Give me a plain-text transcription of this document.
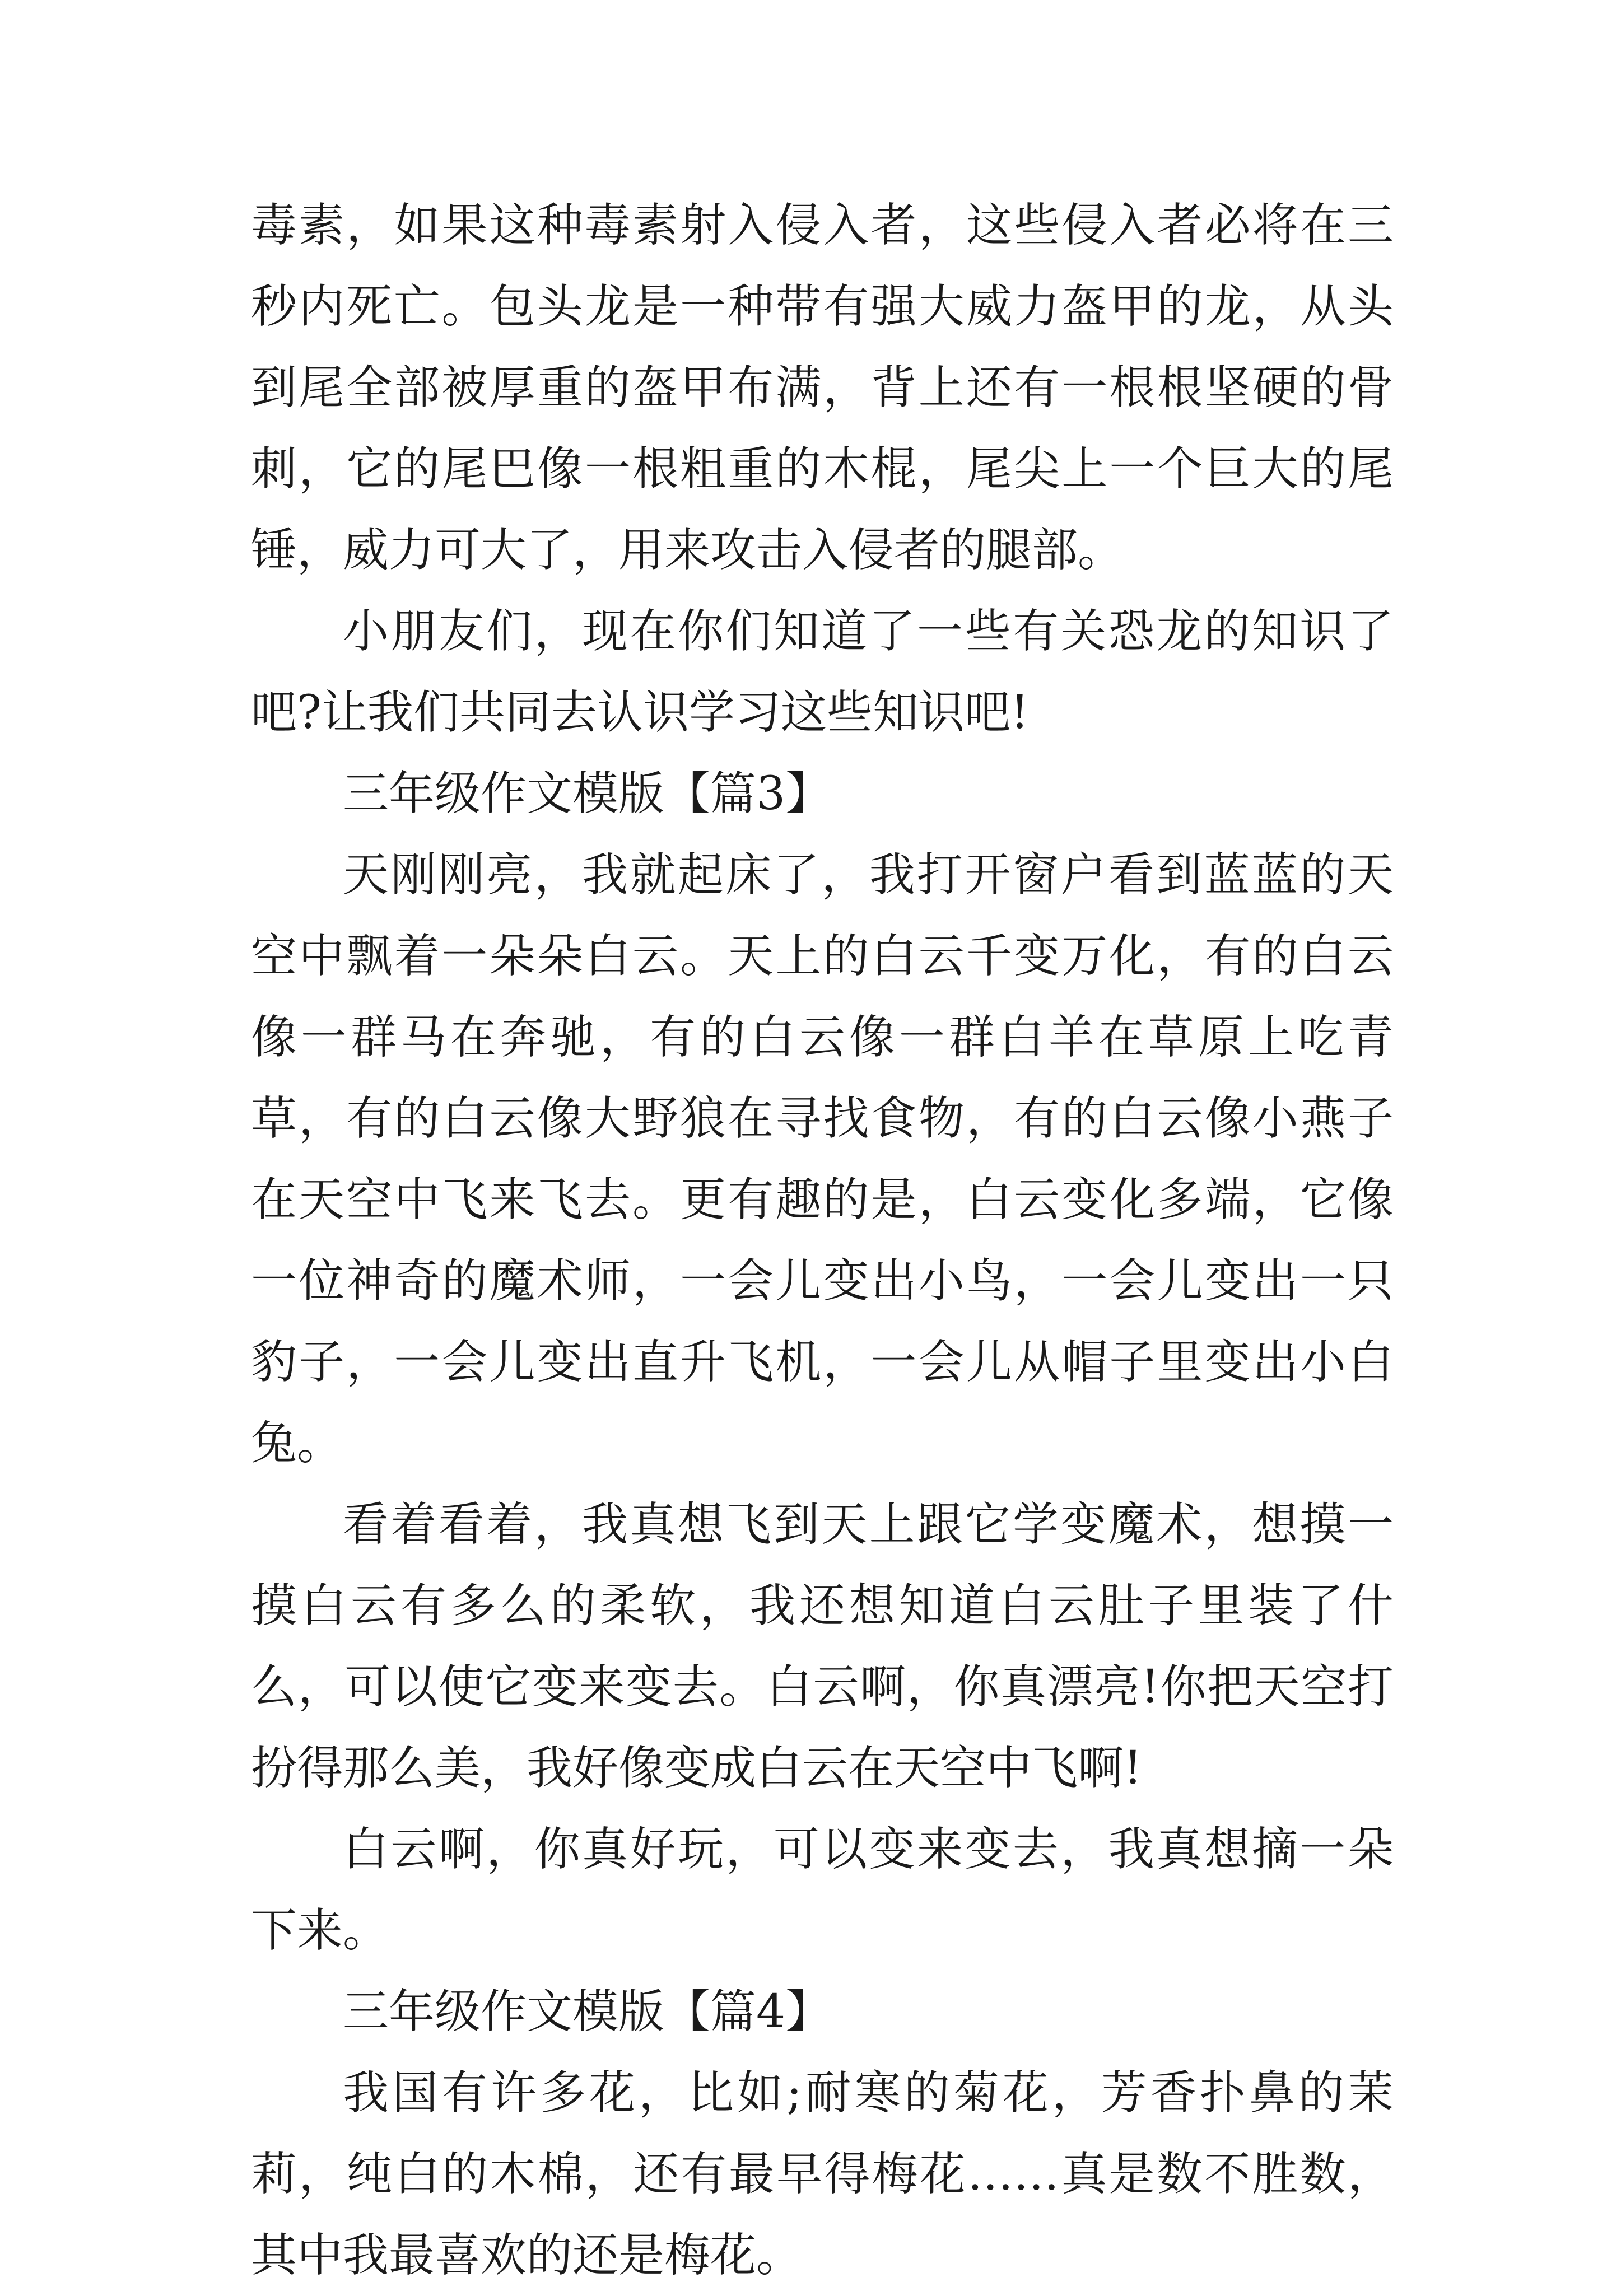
毒素，如果这种毒素射入侵入者，这些侵入者必将在三秒内死亡。包头龙是一种带有强大威力盔甲的龙，从头到尾全部被厚重的盔甲布满，背上还有一根根坚硬的骨刺，它的尾巴像一根粗重的木棍，尾尖上一个巨大的尾锤，威力可大了，用来攻击入侵者的腿部。

小朋友们，现在你们知道了一些有关恐龙的知识了吧?让我们共同去认识学习这些知识吧!

三年级作文模版【篇3】

天刚刚亮，我就起床了，我打开窗户看到蓝蓝的天空中飘着一朵朵白云。天上的白云千变万化，有的白云像一群马在奔驰，有的白云像一群白羊在草原上吃青草，有的白云像大野狼在寻找食物，有的白云像小燕子在天空中飞来飞去。更有趣的是，白云变化多端，它像一位神奇的魔术师，一会儿变出小鸟，一会儿变出一只豹子，一会儿变出直升飞机，一会儿从帽子里变出小白兔。

看着看着，我真想飞到天上跟它学变魔术，想摸一摸白云有多么的柔软，我还想知道白云肚子里装了什么，可以使它变来变去。白云啊，你真漂亮!你把天空打扮得那么美，我好像变成白云在天空中飞啊!

白云啊，你真好玩，可以变来变去，我真想摘一朵下来。

三年级作文模版【篇4】

我国有许多花，比如;耐寒的菊花，芳香扑鼻的茉莉，纯白的木棉，还有最早得梅花……真是数不胜数，其中我最喜欢的还是梅花。
